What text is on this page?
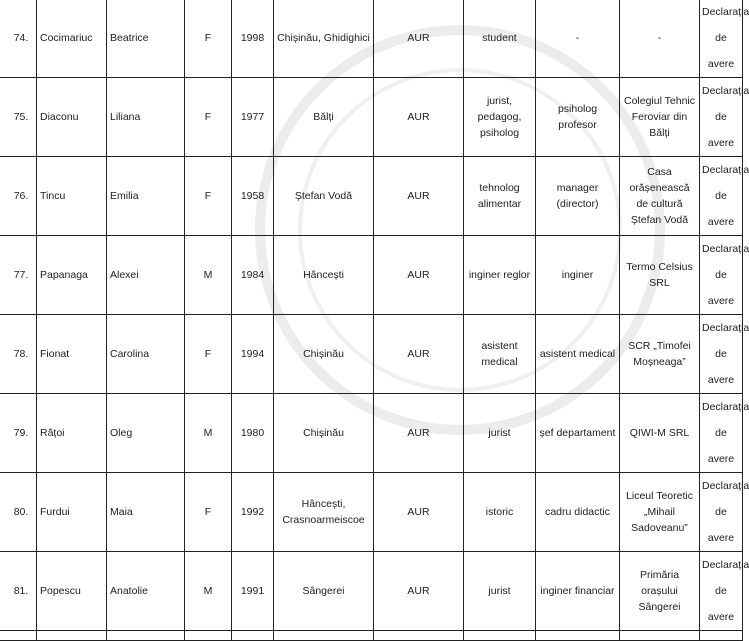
74.	Cocimariuc	Beatrice	F	1998	Chișinău, Ghidighici	AUR	student	-	-	Declarația de avere
75.	Diaconu	Liliana	F	1977	Bălți	AUR	jurist, pedagog, psiholog	psiholog profesor	Colegiul Tehnic Feroviar din Bălți	Declarația de avere
76.	Tincu	Emilia	F	1958	Ștefan Vodă	AUR	tehnolog alimentar	manager (director)	Casa orășenească de cultură Ștefan Vodă	Declarația de avere
77.	Papanaga	Alexei	M	1984	Hâncești	AUR	inginer reglor	inginer	Termo Celsius SRL	Declarația de avere
78.	Fionat	Carolina	F	1994	Chișinău	AUR	asistent medical	asistent medical	SCR „Timofei Moșneaga”	Declarația de avere
79.	Rățoi	Oleg	M	1980	Chișinău	AUR	jurist	șef departament	QIWI-M SRL	Declarația de avere
80.	Furdui	Maia	F	1992	Hâncești, Crasnoarmeiscoe	AUR	istoric	cadru didactic	Liceul Teoretic „Mihail Sadoveanu”	Declarația de avere
81.	Popescu	Anatolie	M	1991	Sângerei	AUR	jurist	inginer financiar	Primăria orașului Sângerei	Declarația de avere
